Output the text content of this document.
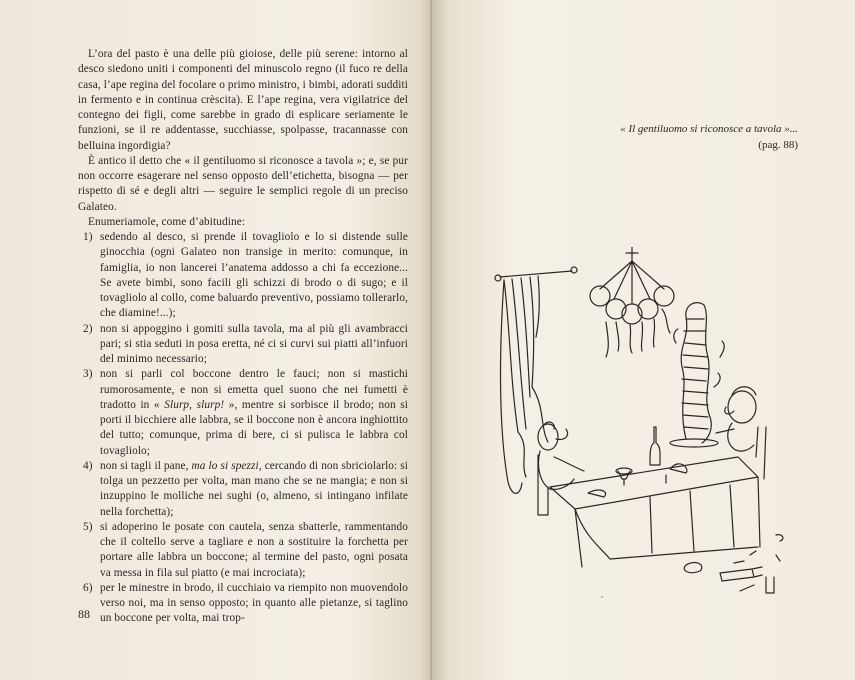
L’ora del pasto è una delle più gioiose, delle più serene: intorno al desco siedono uniti i componenti del minuscolo regno (il fuco re della casa, l’ape regina del focolare o primo ministro, i bimbi, adorati sudditi in fermento e in continua crèscita). E l’ape regina, vera vigilatrice del contegno dei figli, come sarebbe in grado di esplicare seriamente le funzioni, se il re addentasse, succhiasse, spolpasse, tracannasse con belluina ingordigia?

È antico il detto che « il gentiluomo si riconosce a tavola »; e, se pur non occorre esagerare nel senso opposto dell’etichetta, bisogna — per rispetto di sé e degli altri — seguire le semplici regole di un preciso Galateo.

Enumeriamole, come d’abitudine:

1) sedendo al desco, si prende il tovagliolo e lo si distende sulle ginocchia (ogni Galateo non transige in merito: comunque, in famiglia, io non lancerei l’anatema addosso a chi fa eccezione... Se avete bimbi, sono facili gli schizzi di brodo o di sugo; e il tovagliolo al collo, come baluardo preventivo, possiamo tollerarlo, che diamine!...);
2) non si appoggino i gomiti sulla tavola, ma al più gli avambracci pari; si stia seduti in posa eretta, né ci si curvi sui piatti all’infuori del minimo necessario;
3) non si parli col boccone dentro le fauci; non si mastichi rumorosamente, e non si emetta quel suono che nei fumetti è tradotto in « Slurp, slurp! », mentre si sorbisce il brodo; non si porti il bicchiere alle labbra, se il boccone non è ancora inghiottito del tutto; comunque, prima di bere, ci si pulisca le labbra col tovagliolo;
4) non si tagli il pane, ma lo si spezzi, cercando di non sbriciolarlo: si tolga un pezzetto per volta, man mano che se ne mangia; e non si inzuppino le molliche nei sughi (o, almeno, si intingano infilate nella forchetta);
5) si adoperino le posate con cautela, senza sbatterle, rammentando che il coltello serve a tagliare e non a sostituire la forchetta per portare alle labbra un boccone; al termine del pasto, ogni posata va messa in fila sul piatto (e mai incrociata);
6) per le minestre in brodo, il cucchiaio va riempito non muovendolo verso noi, ma in senso opposto; in quanto alle pietanze, si taglino un boccone per volta, mai trop-
88
« Il gentiluomo si riconosce a tavola »...
(pag. 88)
